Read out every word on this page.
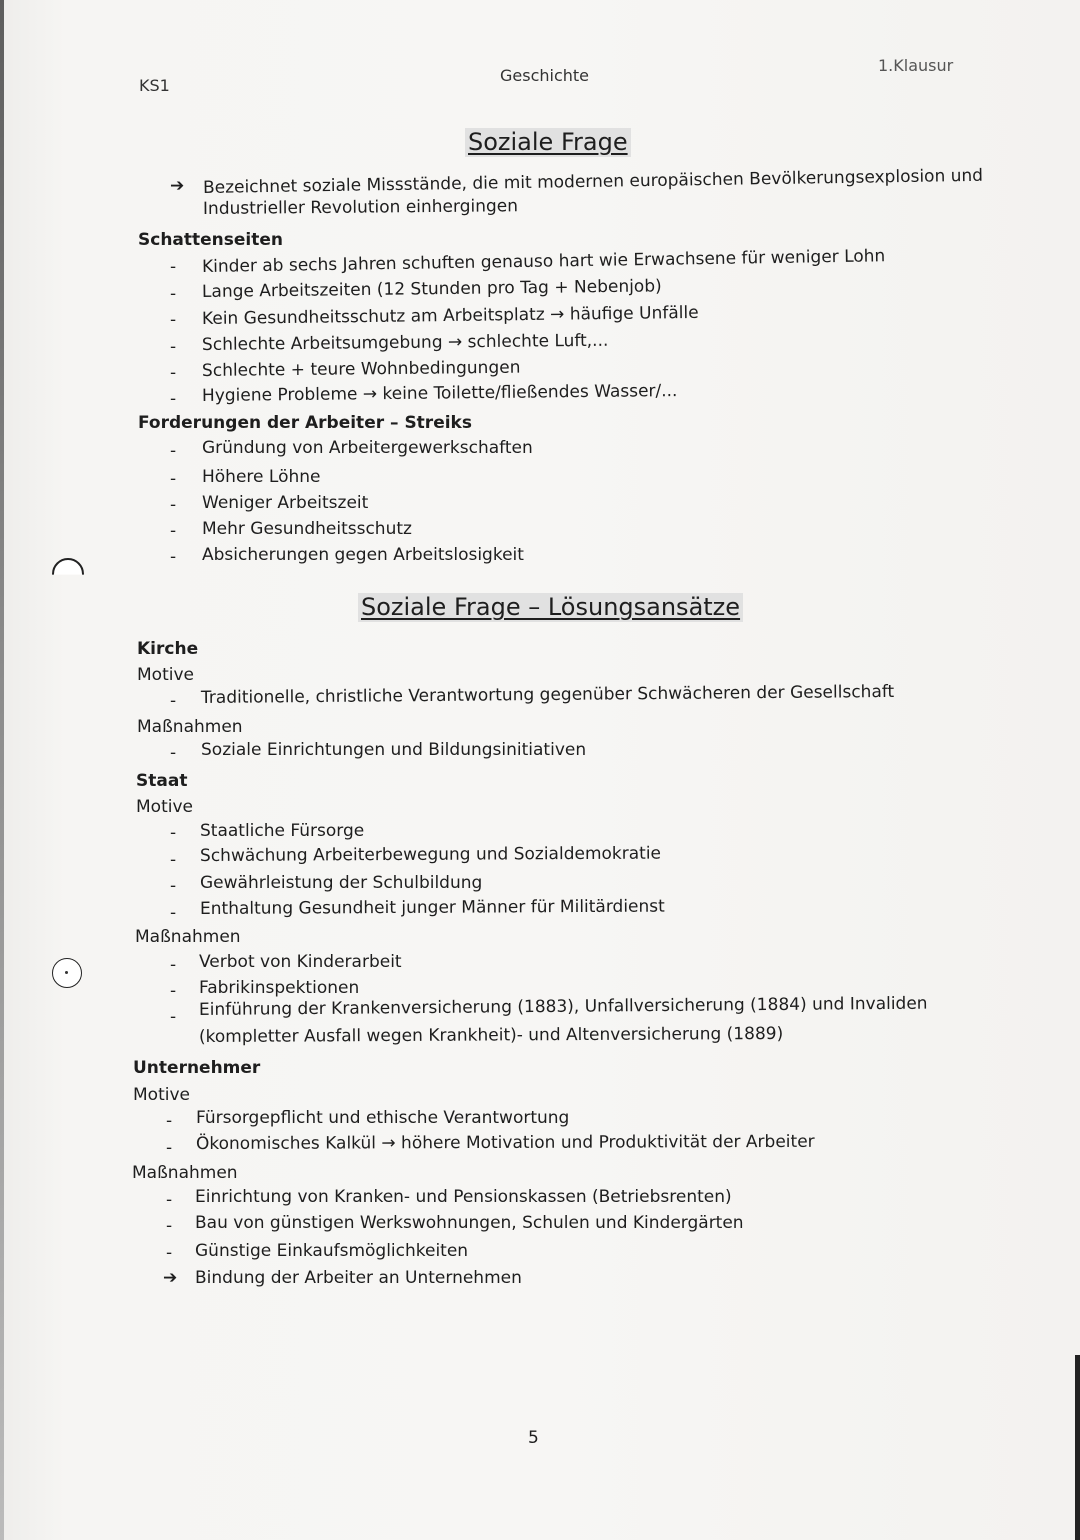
KS1
Geschichte
1.Klausur
Soziale Frage
➔ Bezeichnet soziale Missstände, die mit modernen europäischen Bevölkerungsexplosion und
Industrieller Revolution einhergingen
Schattenseiten
- Kinder ab sechs Jahren schuften genauso hart wie Erwachsene für weniger Lohn
- Lange Arbeitszeiten (12 Stunden pro Tag + Nebenjob)
- Kein Gesundheitsschutz am Arbeitsplatz → häufige Unfälle
- Schlechte Arbeitsumgebung → schlechte Luft,...
- Schlechte + teure Wohnbedingungen
- Hygiene Probleme → keine Toilette/fließendes Wasser/...
Forderungen der Arbeiter – Streiks
- Gründung von Arbeitergewerkschaften
- Höhere Löhne
- Weniger Arbeitszeit
- Mehr Gesundheitsschutz
- Absicherungen gegen Arbeitslosigkeit
Soziale Frage – Lösungsansätze
Kirche
Motive
- Traditionelle, christliche Verantwortung gegenüber Schwächeren der Gesellschaft
Maßnahmen
- Soziale Einrichtungen und Bildungsinitiativen
Staat
Motive
- Staatliche Fürsorge
- Schwächung Arbeiterbewegung und Sozialdemokratie
- Gewährleistung der Schulbildung
- Enthaltung Gesundheit junger Männer für Militärdienst
Maßnahmen
- Verbot von Kinderarbeit
- Fabrikinspektionen
- Einführung der Krankenversicherung (1883), Unfallversicherung (1884) und Invaliden
(kompletter Ausfall wegen Krankheit)- und Altenversicherung (1889)
Unternehmer
Motive
- Fürsorgepflicht und ethische Verantwortung
- Ökonomisches Kalkül → höhere Motivation und Produktivität der Arbeiter
Maßnahmen
- Einrichtung von Kranken- und Pensionskassen (Betriebsrenten)
- Bau von günstigen Werkswohnungen, Schulen und Kindergärten
- Günstige Einkaufsmöglichkeiten
➔ Bindung der Arbeiter an Unternehmen
5
